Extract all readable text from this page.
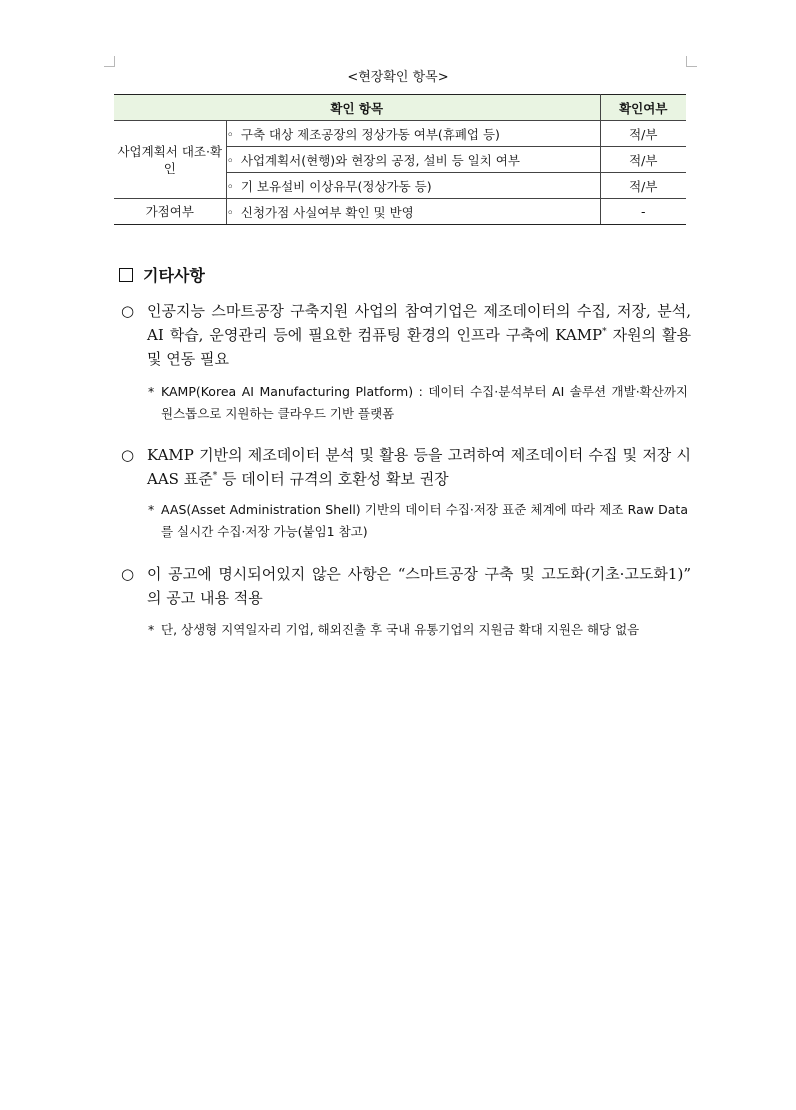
<현장확인 항목>
확인 항목		확인여부
사업계획서 대조·확인	◦ 구축 대상 제조공장의 정상가동 여부(휴폐업 등)	적/부
	◦ 사업계획서(현행)와 현장의 공정, 설비 등 일치 여부	적/부
	◦ 기 보유설비 이상유무(정상가동 등)	적/부
가점여부	◦ 신청가점 사실여부 확인 및 반영	-
기타사항
○ 인공지능 스마트공장 구축지원 사업의 참여기업은 제조데이터의 수집, 저장, 분석, AI 학습, 운영관리 등에 필요한 컴퓨팅 환경의 인프라 구축에 KAMP* 자원의 활용 및 연동 필요
* KAMP(Korea AI Manufacturing Platform) : 데이터 수집·분석부터 AI 솔루션 개발·확산까지 원스톱으로 지원하는 클라우드 기반 플랫폼
○ KAMP 기반의 제조데이터 분석 및 활용 등을 고려하여 제조데이터 수집 및 저장 시 AAS 표준* 등 데이터 규격의 호환성 확보 권장
* AAS(Asset Administration Shell) 기반의 데이터 수집·저장 표준 체계에 따라 제조 Raw Data를 실시간 수집·저장 가능(붙임1 참고)
○ 이 공고에 명시되어있지 않은 사항은 “스마트공장 구축 및 고도화(기초·고도화1)” 의 공고 내용 적용
* 단, 상생형 지역일자리 기업, 해외진출 후 국내 유통기업의 지원금 확대 지원은 해당 없음
